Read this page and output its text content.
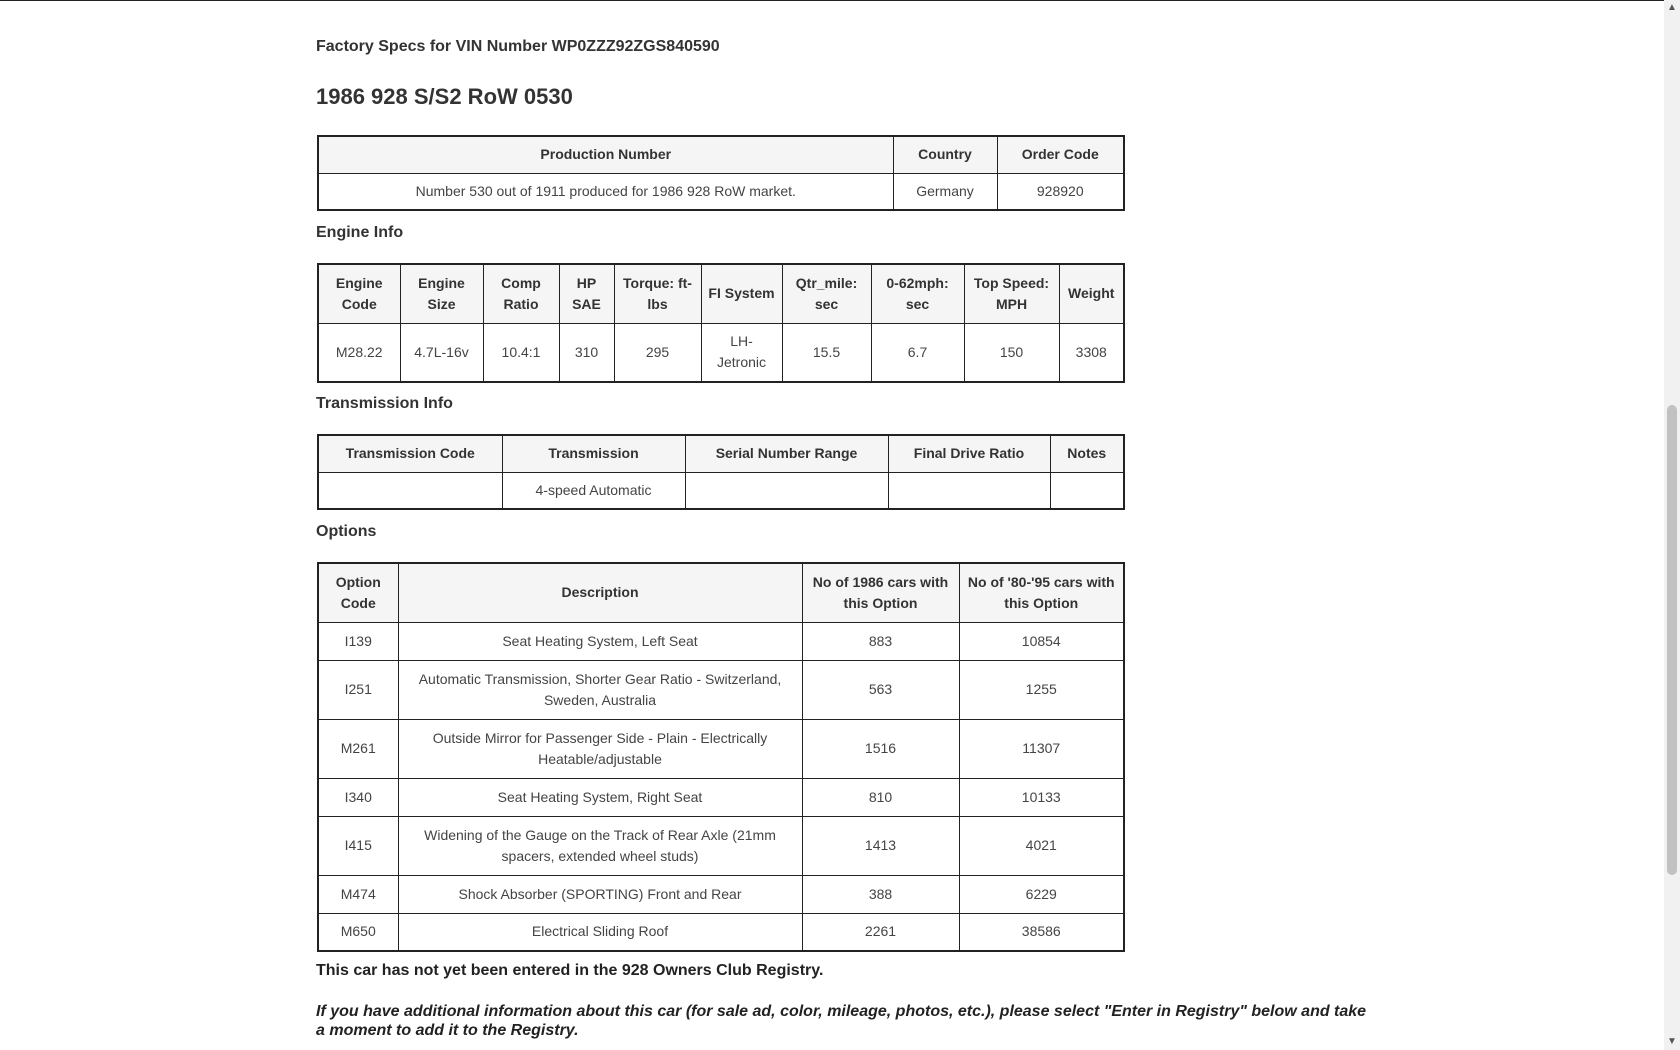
Factory Specs for VIN Number WP0ZZZ92ZGS840590
1986 928 S/S2 RoW 0530
Production Number	Country	Order Code
Number 530 out of 1911 produced for 1986 928 RoW market.	Germany	928920
Engine Info
Engine Code	Engine Size	Comp Ratio	HP SAE	Torque: ft-lbs	FI System	Qtr_mile: sec	0-62mph: sec	Top Speed: MPH	Weight
M28.22	4.7L-16v	10.4:1	310	295	LH-Jetronic	15.5	6.7	150	3308
Transmission Info
Transmission Code	Transmission	Serial Number Range	Final Drive Ratio	Notes
	4-speed Automatic			
Options
Option Code	Description	No of 1986 cars with this Option	No of '80-'95 cars with this Option
I139	Seat Heating System, Left Seat	883	10854
I251	Automatic Transmission, Shorter Gear Ratio - Switzerland, Sweden, Australia	563	1255
M261	Outside Mirror for Passenger Side - Plain - Electrically Heatable/adjustable	1516	11307
I340	Seat Heating System, Right Seat	810	10133
I415	Widening of the Gauge on the Track of Rear Axle (21mm spacers, extended wheel studs)	1413	4021
M474	Shock Absorber (SPORTING) Front and Rear	388	6229
M650	Electrical Sliding Roof	2261	38586
This car has not yet been entered in the 928 Owners Club Registry.
If you have additional information about this car (for sale ad, color, mileage, photos, etc.), please select "Enter in Registry" below and take a moment to add it to the Registry.
▲
▼
